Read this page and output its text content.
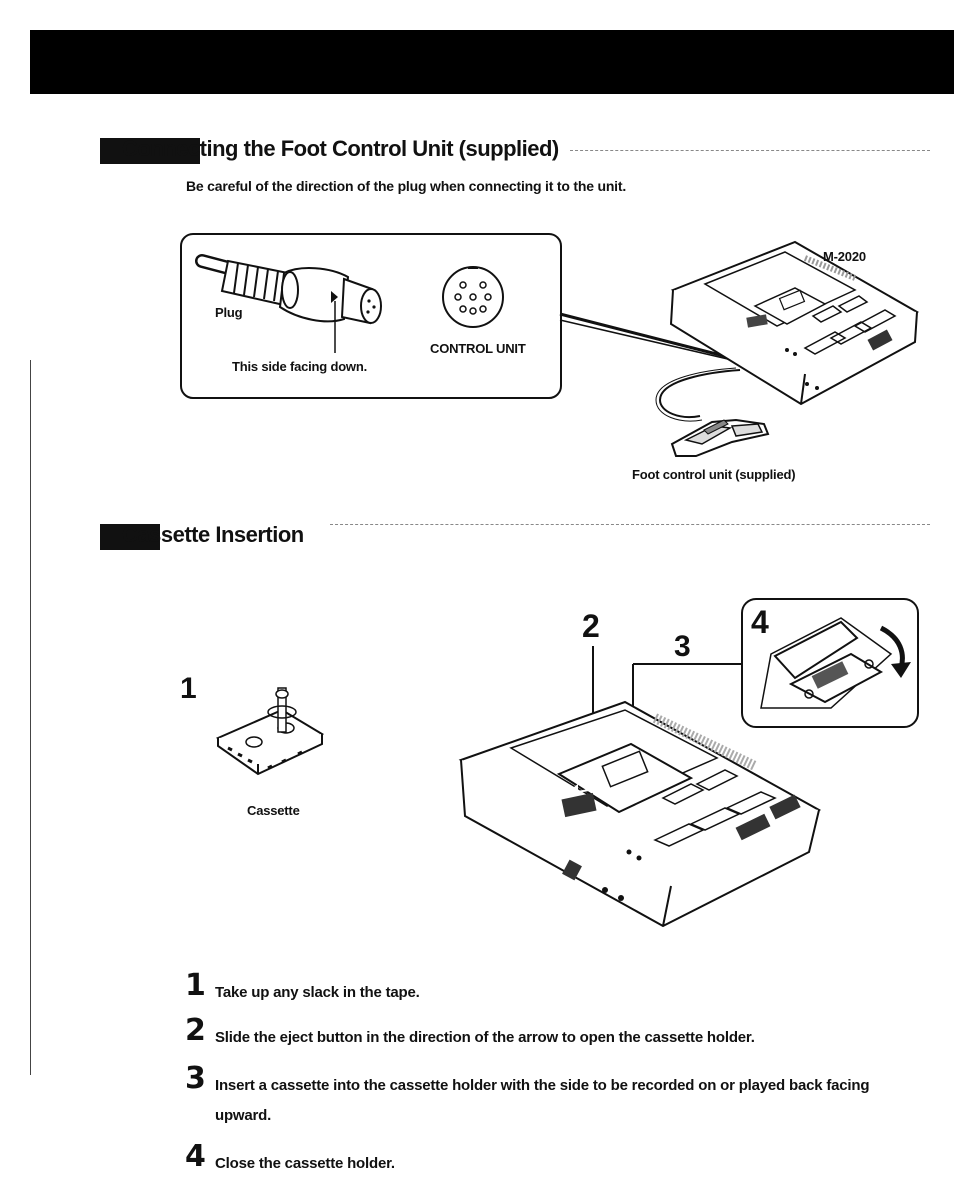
Connecting the Foot Control Unit (supplied)
Be careful of the direction of the plug when connecting it to the unit.
Plug
This side facing down.
CONTROL UNIT
M-2020
Foot control unit (supplied)
Cassette Insertion
1
Cassette
2
3
4
1 Take up any slack in the tape.
2 Slide the eject button in the direction of the arrow to open the cassette holder.
3 Insert a cassette into the cassette holder with the side to be recorded on or played back facing upward.
4 Close the cassette holder.
